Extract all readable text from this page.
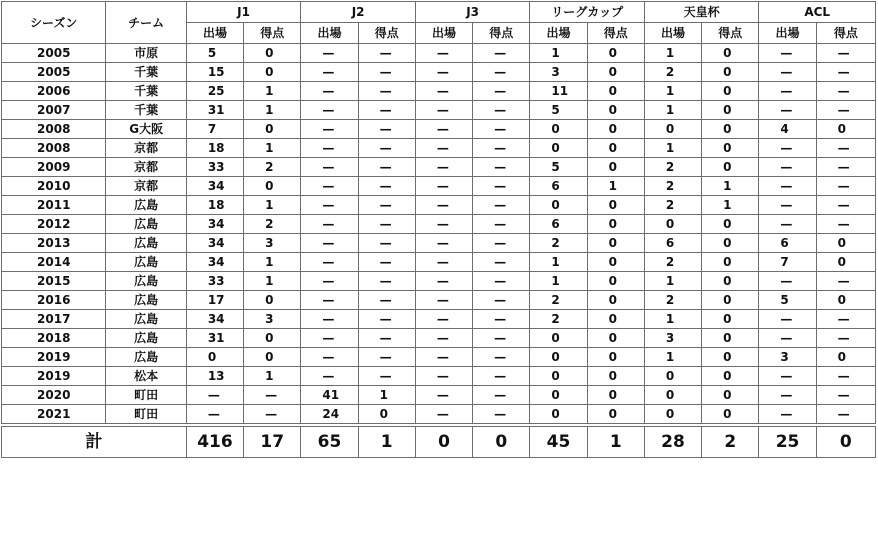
シーズン	チーム	J1		J2		J3		リーグカップ		天皇杯		ACL	
		出場	得点	出場	得点	出場	得点	出場	得点	出場	得点	出場	得点
2005	市原	5	0	—	—	—	—	1	0	1	0	—	—
2005	千葉	15	0	—	—	—	—	3	0	2	0	—	—
2006	千葉	25	1	—	—	—	—	11	0	1	0	—	—
2007	千葉	31	1	—	—	—	—	5	0	1	0	—	—
2008	G大阪	7	0	—	—	—	—	0	0	0	0	4	0
2008	京都	18	1	—	—	—	—	0	0	1	0	—	—
2009	京都	33	2	—	—	—	—	5	0	2	0	—	—
2010	京都	34	0	—	—	—	—	6	1	2	1	—	—
2011	広島	18	1	—	—	—	—	0	0	2	1	—	—
2012	広島	34	2	—	—	—	—	6	0	0	0	—	—
2013	広島	34	3	—	—	—	—	2	0	6	0	6	0
2014	広島	34	1	—	—	—	—	1	0	2	0	7	0
2015	広島	33	1	—	—	—	—	1	0	1	0	—	—
2016	広島	17	0	—	—	—	—	2	0	2	0	5	0
2017	広島	34	3	—	—	—	—	2	0	1	0	—	—
2018	広島	31	0	—	—	—	—	0	0	3	0	—	—
2019	広島	0	0	—	—	—	—	0	0	1	0	3	0
2019	松本	13	1	—	—	—	—	0	0	0	0	—	—
2020	町田	—	—	41	1	—	—	0	0	0	0	—	—
2021	町田	—	—	24	0	—	—	0	0	0	0	—	—

計		416	17	65	1	0	0	45	1	28	2	25	0
